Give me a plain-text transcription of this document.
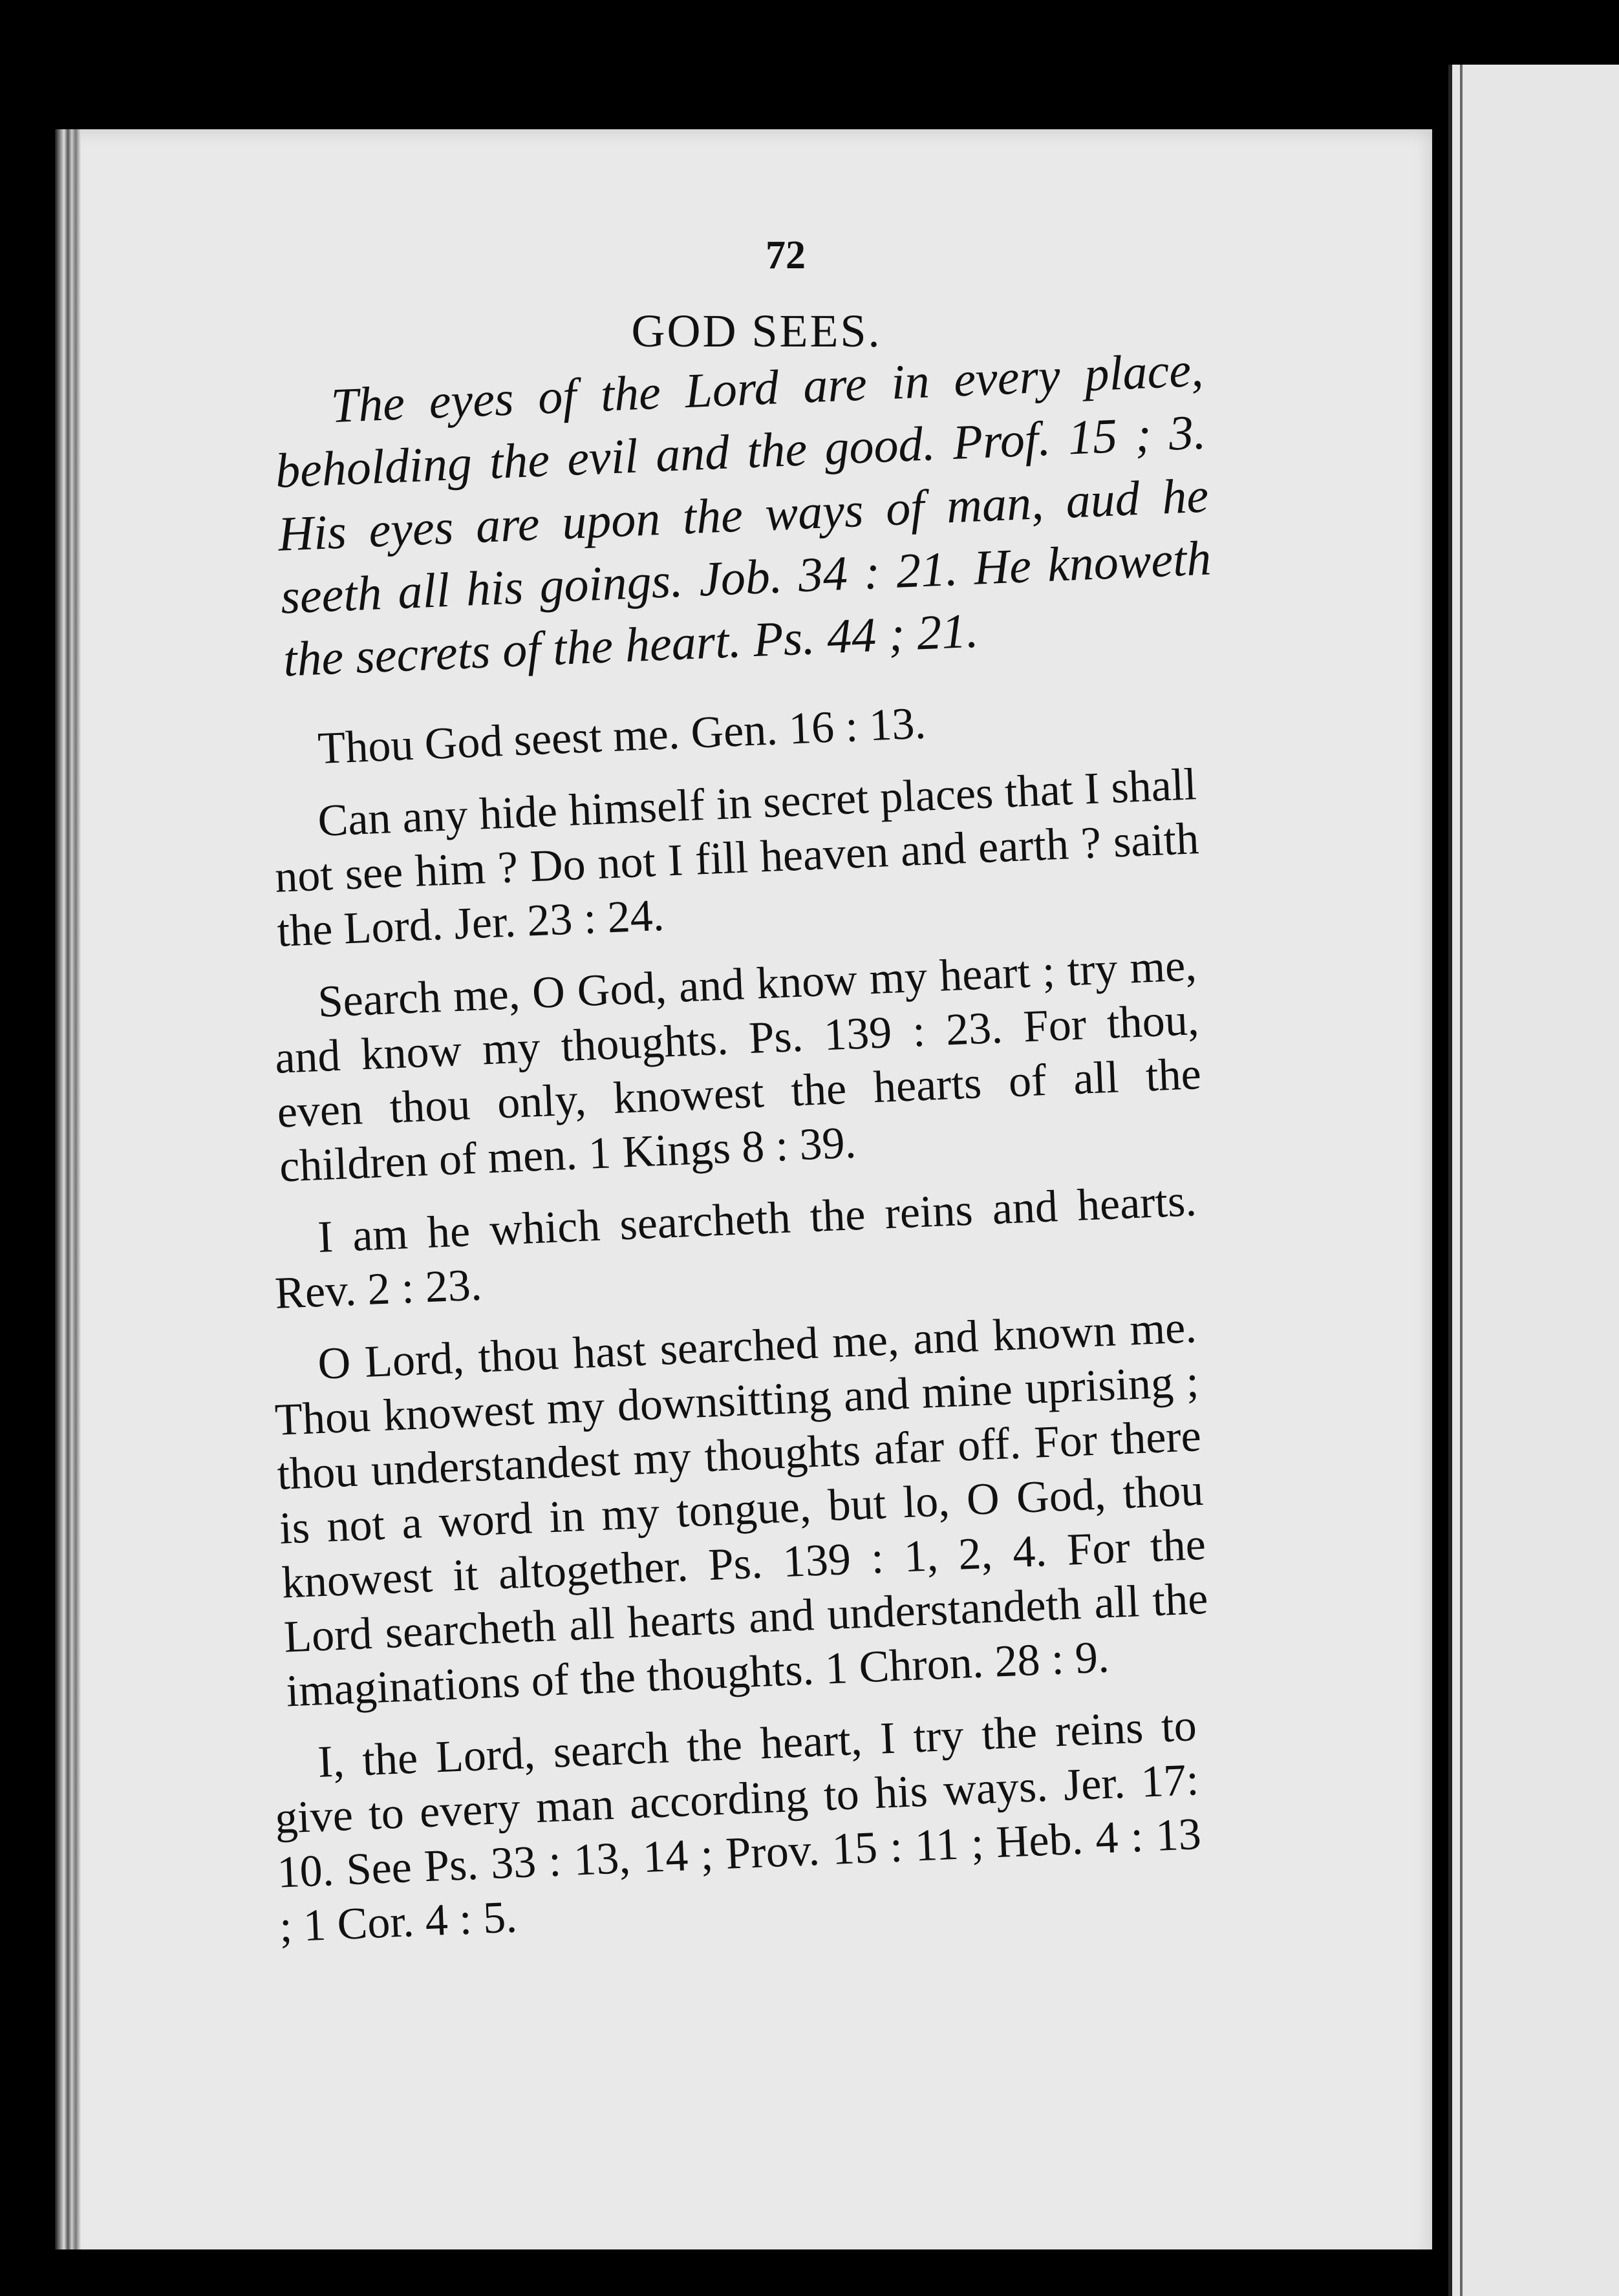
72
GOD SEES.

The eyes of the Lord are in every place, beholding the evil and the good. Prof. 15 ; 3. His eyes are upon the ways of man, aud he seeth all his goings. Job. 34 : 21. He knoweth the secrets of the heart. Ps. 44 ; 21.

Thou God seest me. Gen. 16 : 13.

Can any hide himself in secret places that I shall not see him ? Do not I fill heaven and earth ? saith the Lord. Jer. 23 : 24.

Search me, O God, and know my heart ; try me, and know my thoughts. Ps. 139 : 23. For thou, even thou only, knowest the hearts of all the children of men. 1 Kings 8 : 39.

I am he which searcheth the reins and hearts. Rev. 2 : 23.

O Lord, thou hast searched me, and known me. Thou knowest my downsitting and mine uprising ; thou understandest my thoughts afar off. For there is not a word in my tongue, but lo, O God, thou knowest it altogether. Ps. 139 : 1, 2, 4. For the Lord searcheth all hearts and understandeth all the imaginations of the thoughts. 1 Chron. 28 : 9.

I, the Lord, search the heart, I try the reins to give to every man according to his ways. Jer. 17: 10. See Ps. 33 : 13, 14 ; Prov. 15 : 11 ; Heb. 4 : 13 ; 1 Cor. 4 : 5.
